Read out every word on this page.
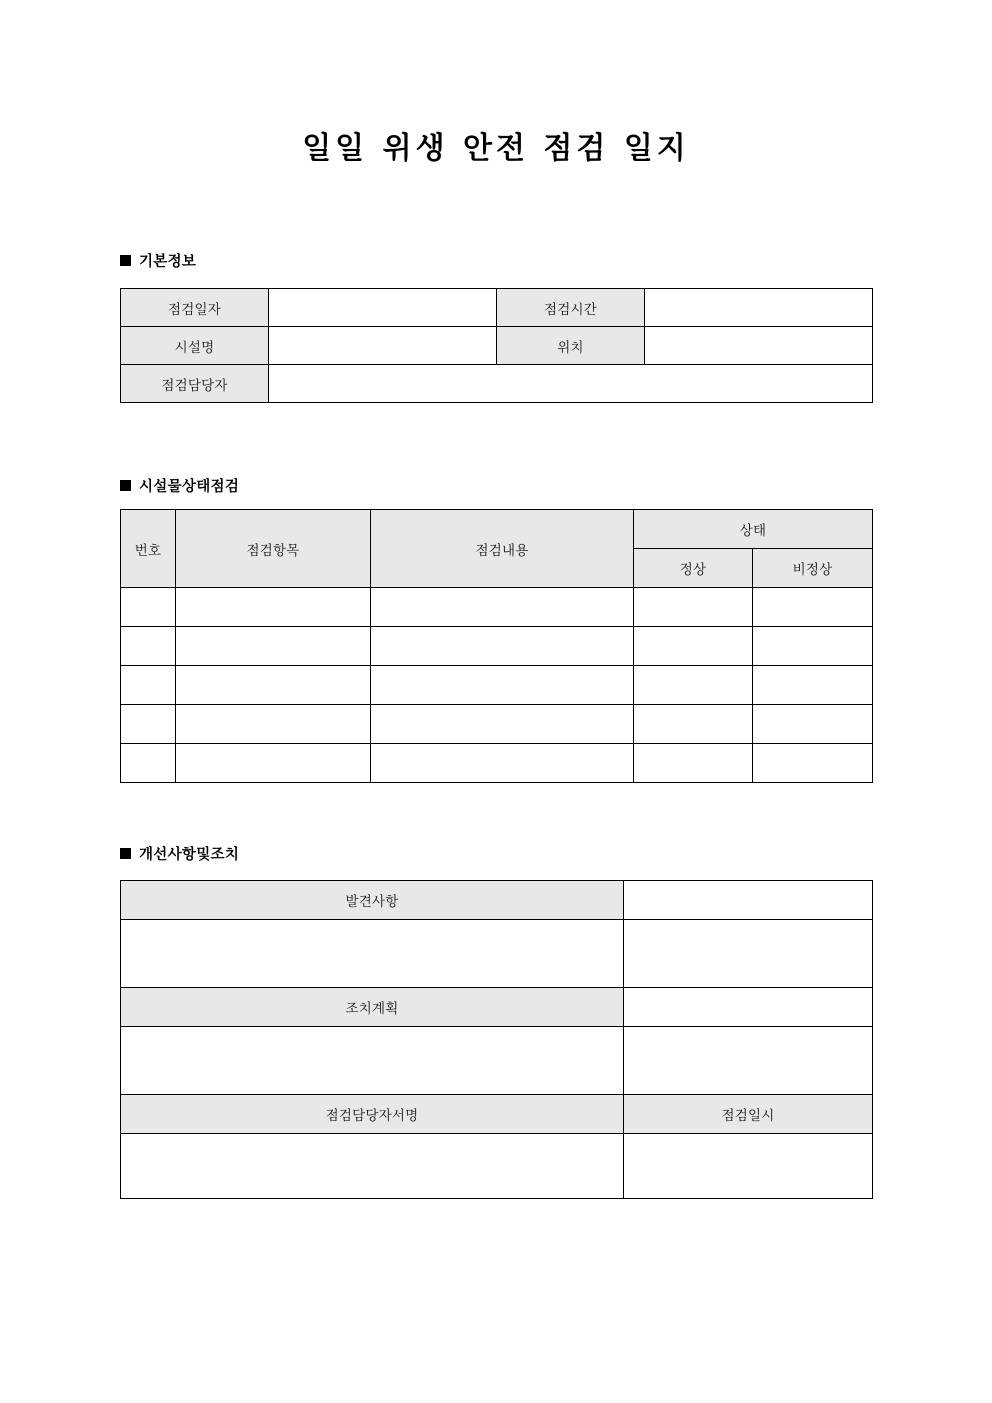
일일 위생 안전 점검 일지
기본정보
점검일자		점검시간	
시설명		위치	
점검담당자			
시설물상태점검
번호	점검항목	점검내용	상태	
			정상	비정상

개선사항및조치
발견사항	

조치계획	

점검담당자서명	점검일시
